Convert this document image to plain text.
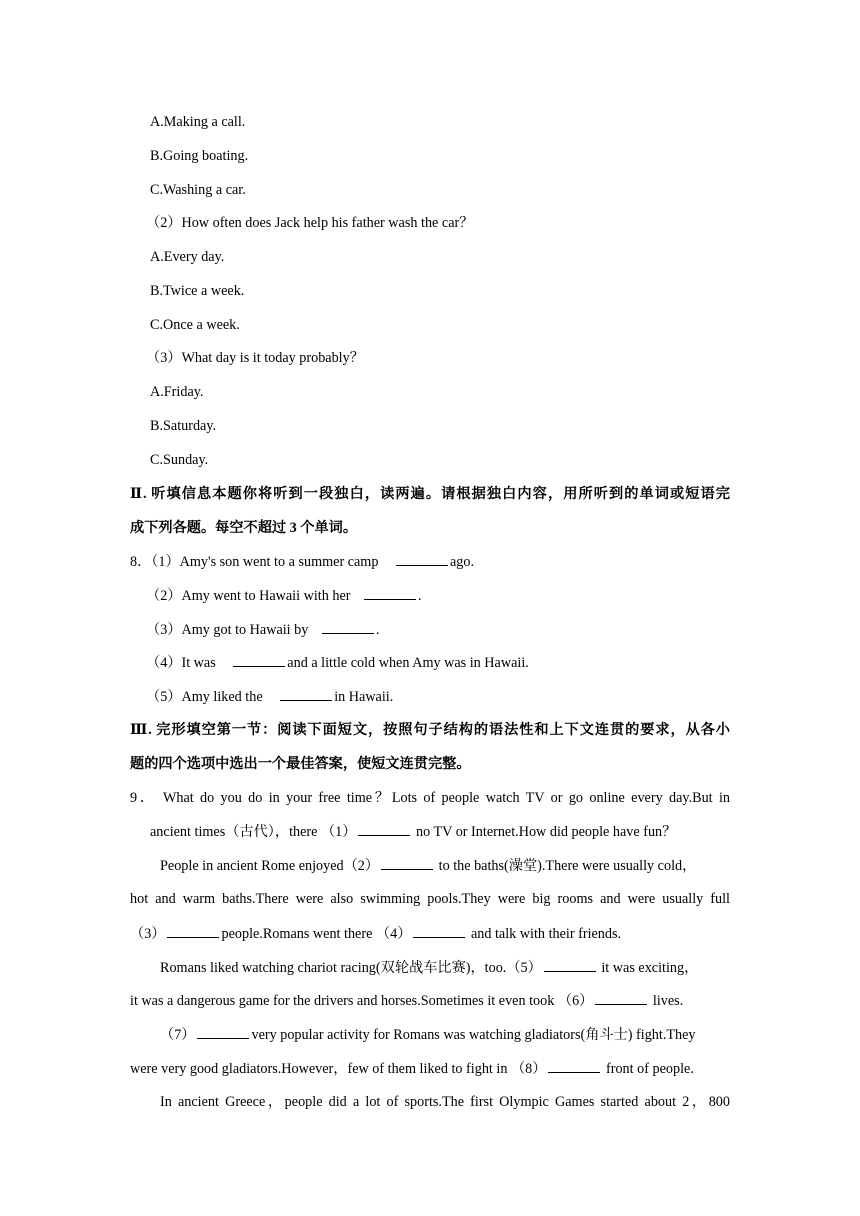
A.Making a call.
B.Going boating.
C.Washing a car.
（2）How often does Jack help his father wash the car？
A.Every day.
B.Twice a week.
C.Once a week.
（3）What day is it today probably？
A.Friday.
B.Saturday.
C.Sunday.
Ⅱ. 听填信息本题你将听到一段独白，读两遍。请根据独白内容，用所听到的单词或短语完
成下列各题。每空不超过 3 个单词。
8．（1）Amy's son went to a summer camp	ago.
（2）Amy went to Hawaii with her	.
（3）Amy got to Hawaii by	.
（4）It was	and a little cold when Amy was in Hawaii.
（5）Amy liked the	in Hawaii.
Ⅲ. 完形填空第一节：阅读下面短文，按照句子结构的语法性和上下文连贯的要求，从各小
题的四个选项中选出一个最佳答案，使短文连贯完整。
9． What do you do in your free time？Lots of people watch TV or go online every day.But in
ancient times（古代），there （1）	no TV or Internet.How did people have fun？
People in ancient Rome enjoyed（2）	to the baths(澡堂).There were usually cold，
hot and warm baths.There were also swimming pools.They were big rooms and were usually full
（3）	people.Romans went there （4）	and talk with their friends.
Romans liked watching chariot racing(双轮战车比赛)，too.（5）	it was exciting，
it was a dangerous game for the drivers and horses.Sometimes it even took （6）	lives.
（7）	very popular activity for Romans was watching gladiators(角斗士) fight.They
were very good gladiators.However，few of them liked to fight in （8）	front of people.
In ancient Greece，people did a lot of sports.The first Olympic Games started about 2，800
